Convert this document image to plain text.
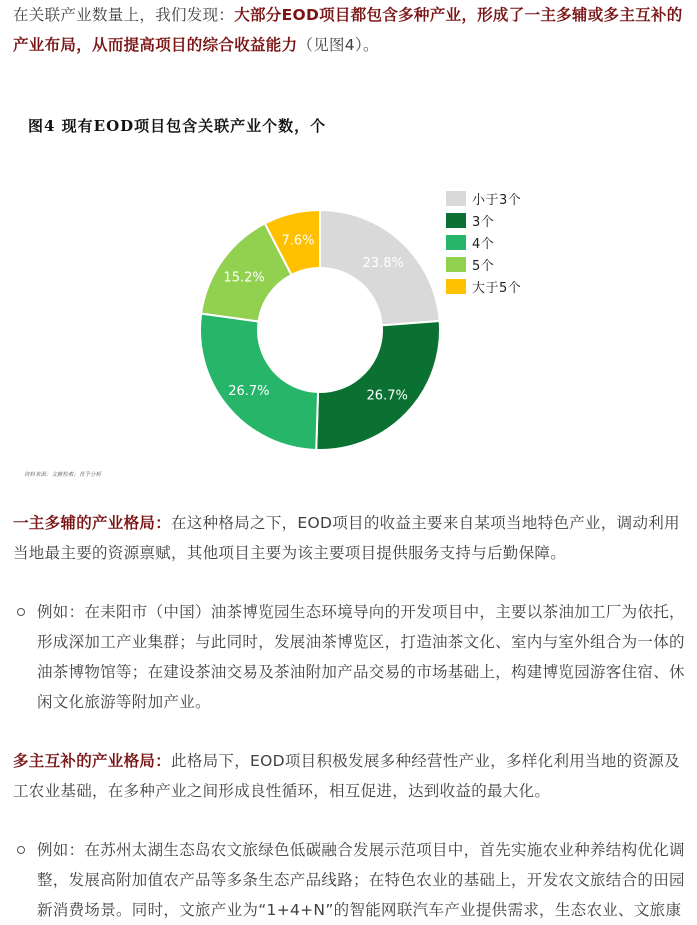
在关联产业数量上，我们发现：大部分EOD项目都包含多种产业，形成了一主多辅或多主互补的产业布局，从而提高项目的综合收益能力（见图4）。
图4 现有EOD项目包含关联产业个数，个
23.8%
26.7%
26.7%
15.2%
7.6%
小于3个
3个
4个
5个
大于5个
资料来源：文献检索；艮予分析
一主多辅的产业格局：在这种格局之下，EOD项目的收益主要来自某项当地特色产业，调动利用当地最主要的资源禀赋，其他项目主要为该主要项目提供服务支持与后勤保障。
例如：在耒阳市（中国）油茶博览园生态环境导向的开发项目中，主要以茶油加工厂为依托，形成深加工产业集群；与此同时，发展油茶博览区，打造油茶文化、室内与室外组合为一体的油茶博物馆等；在建设茶油交易及茶油附加产品交易的市场基础上，构建博览园游客住宿、休闲文化旅游等附加产业。
多主互补的产业格局：此格局下，EOD项目积极发展多种经营性产业，多样化利用当地的资源及工农业基础，在多种产业之间形成良性循环，相互促进，达到收益的最大化。
例如：在苏州太湖生态岛农文旅绿色低碳融合发展示范项目中，首先实施农业种养结构优化调整，发展高附加值农产品等多条生态产品线路；在特色农业的基础上，开发农文旅结合的田园新消费场景。同时，文旅产业为“1+4+N”的智能网联汽车产业提供需求，生态农业、文旅康
